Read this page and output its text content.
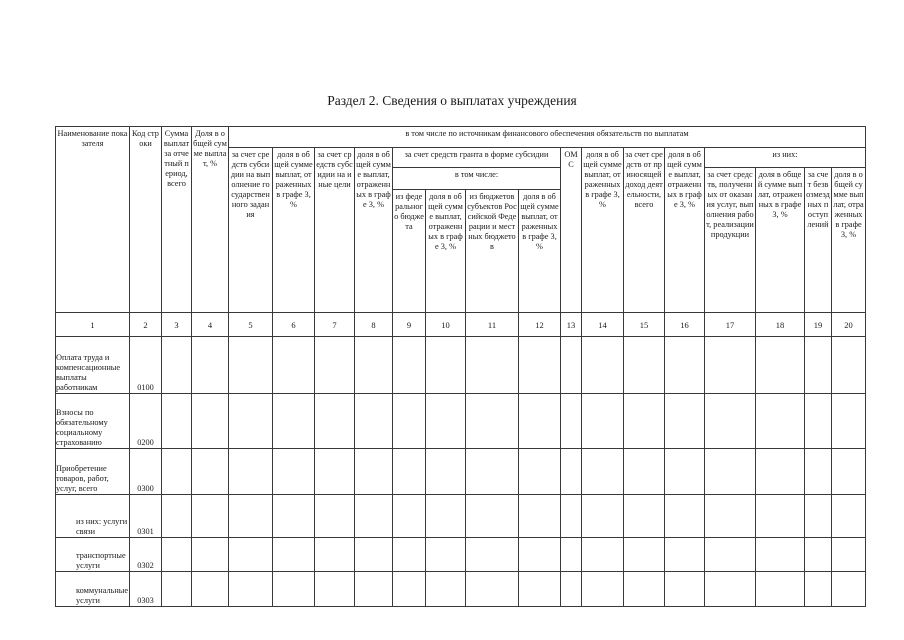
Раздел 2. Сведения о выплатах учреждения
Наименование показателя	Код строки	Сумма выплат за отчетный период, всего	Доля в общей сумме выплат, %	в том числе по источникам финансового обеспечения обязательств по выплатам															
				за счет средств субсидии на выполнение государственного задания	доля в общей сумме выплат, отраженных в графе 3, %	за счет средств субсидии на иные цели	доля в общей сумме выплат, отраженных в графе 3, %	за счет средств гранта в форме субсидии				ОМС	доля в общей сумме выплат, отраженных в графе 3, %	за счет средств от приносящей доход деятельности, всего	доля в общей сумме выплат, отраженных в графе 3, %	из них:			
								в том числе:								за счет средств, полученных от оказания услуг, выполнения работ, реализации продукции	доля в общей сумме выплат, отраженных в графе 3, %	за счет безвозмездных поступлений	доля в общей сумме выплат, отраженных в графе 3, %
								из федерального бюджета	доля в общей сумме выплат, отраженных в графе 3, %	из бюджетов субъектов Российской Федерации и местных бюджетов	доля в общей сумме выплат, отраженных в графе 3, %								
1	2	3	4	5	6	7	8	9	10	11	12	13	14	15	16	17	18	19	20
Оплата труда и компенсационные выплаты работникам	0100																		
Взносы по обязательному социальному страхованию	0200																		
Приобретение товаров, работ, услуг, всего	0300																		
из них: услуги связи	0301																		
транспортные услуги	0302																		
коммунальные услуги	0303																		
